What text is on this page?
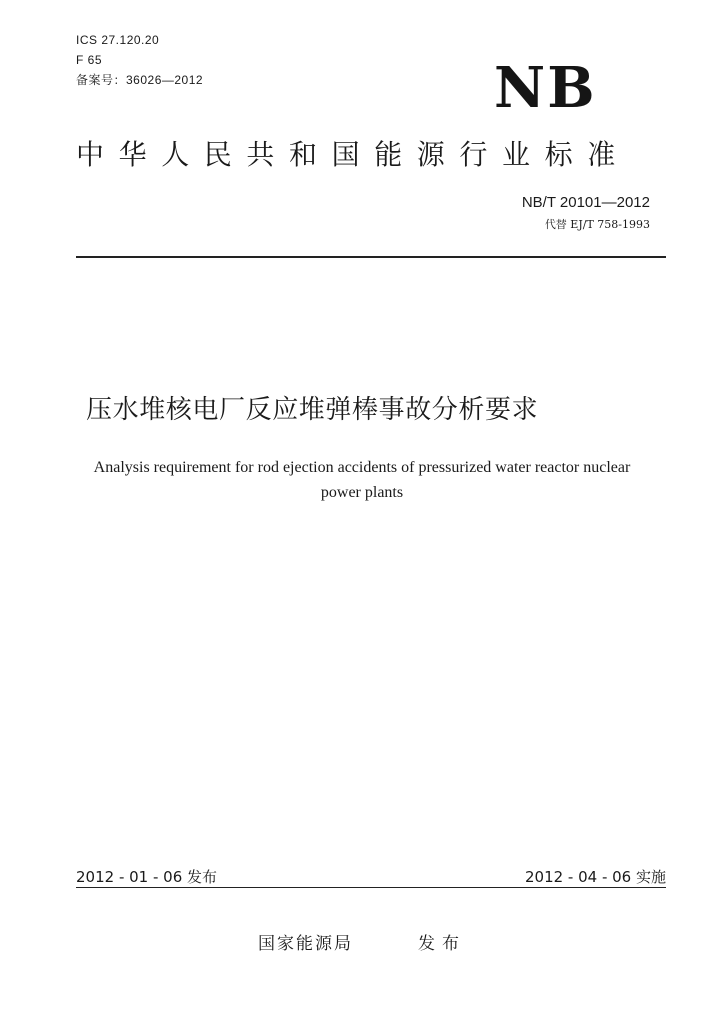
ICS 27.120.20
F 65
备案号：36026—2012	NB
中华人民共和国能源行业标准
NB/T 20101—2012
代替 EJ/T 758-1993
压水堆核电厂反应堆弹棒事故分析要求
Analysis requirement for rod ejection accidents of pressurized water reactor nuclear
power plants
2012 - 01 - 06 发布	2012 - 04 - 06 实施
国家能源局	发布
